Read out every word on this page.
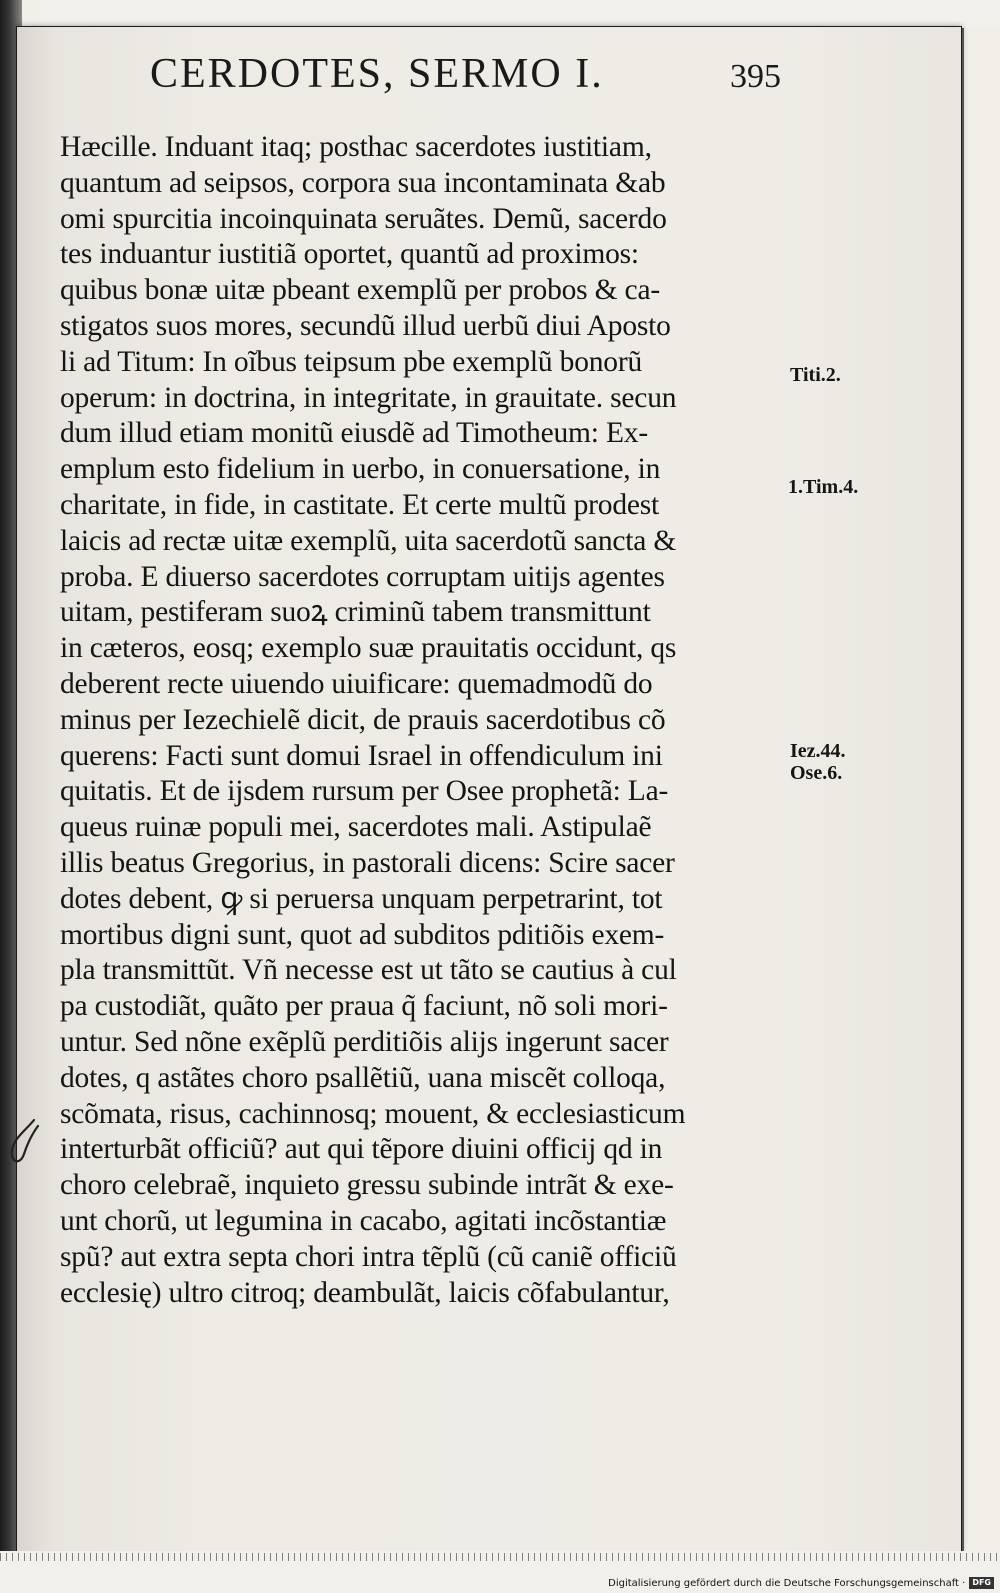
CERDOTES, SERMO I.	395
Hæcille. Induant itaq; posthac sacerdotes iustitiam,
quantum ad seipsos, corpora sua incontaminata &ab
omi spurcitia incoinquinata seruãtes. Demũ, sacerdo
tes induantur iustitiã oportet, quantũ ad proximos:
quibus bonæ uitæ pbeant exemplũ per probos & ca-
stigatos suos mores, secundũ illud uerbũ diui Aposto
li ad Titum: In oĩbus teipsum pbe exemplũ bonorũ
operum: in doctrina, in integritate, in grauitate. secun
dum illud etiam monitũ eiusdẽ ad Timotheum: Ex-
emplum esto fidelium in uerbo, in conuersatione, in
charitate, in fide, in castitate. Et certe multũ prodest
laicis ad rectæ uitæ exemplũ, uita sacerdotũ sancta &
proba. E diuerso sacerdotes corruptam uitijs agentes
uitam, pestiferam suoꝝ criminũ tabem transmittunt
in cæteros, eosq; exemplo suæ prauitatis occidunt, qs
deberent recte uiuendo uiuificare: quemadmodũ do
minus per Iezechielẽ dicit, de prauis sacerdotibus cõ
querens: Facti sunt domui Israel in offendiculum ini
quitatis. Et de ijsdem rursum per Osee prophetã: La-
queus ruinæ populi mei, sacerdotes mali. Astipulaẽ
illis beatus Gregorius, in pastorali dicens: Scire sacer
dotes debent, ꝙ si peruersa unquam perpetrarint, tot
mortibus digni sunt, quot ad subditos pditiõis exem-
pla transmittũt. Vñ necesse est ut tãto se cautius à cul
pa custodiãt, quãto per praua q̃ faciunt, nõ soli mori-
untur. Sed nõne exẽplũ perditiõis alijs ingerunt sacer
dotes, q astãtes choro psallẽtiũ, uana miscẽt colloqa,
scõmata, risus, cachinnosq; mouent, & ecclesiasticum
interturbãt officiũ? aut qui tẽpore diuini officij qd in
choro celebraẽ, inquieto gressu subinde intrãt & exe-
unt chorũ, ut legumina in cacabo, agitati incõstantiæ
spũ? aut extra septa chori intra tẽplũ (cũ caniẽ officiũ
ecclesię) ultro citroq; deambulãt, laicis cõfabulantur,
Titi.2.
1.Tim.4.
Iez.44.
Ose.6.
Digitalisierung gefördert durch die Deutsche Forschungsgemeinschaft · DFG
